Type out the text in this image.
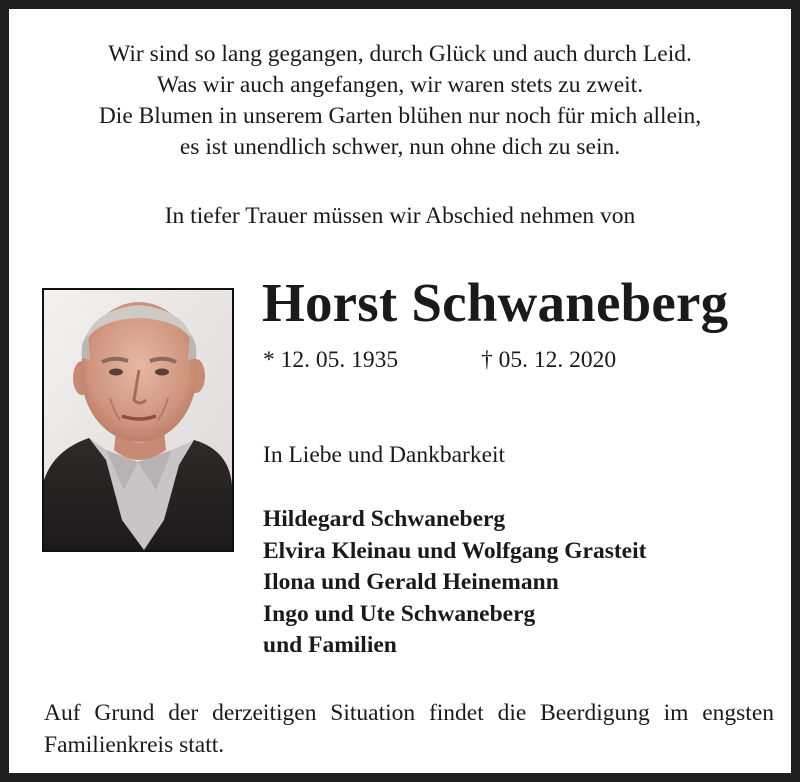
Wir sind so lang gegangen, durch Glück und auch durch Leid.
Was wir auch angefangen, wir waren stets zu zweit.
Die Blumen in unserem Garten blühen nur noch für mich allein,
es ist unendlich schwer, nun ohne dich zu sein.
In tiefer Trauer müssen wir Abschied nehmen von
Horst Schwaneberg
* 12. 05. 1935	† 05. 12. 2020
In Liebe und Dankbarkeit
Hildegard Schwaneberg
Elvira Kleinau und Wolfgang Grasteit
Ilona und Gerald Heinemann
Ingo und Ute Schwaneberg
und Familien
Auf Grund der derzeitigen Situation findet die Beerdigung im engsten Familienkreis statt.
